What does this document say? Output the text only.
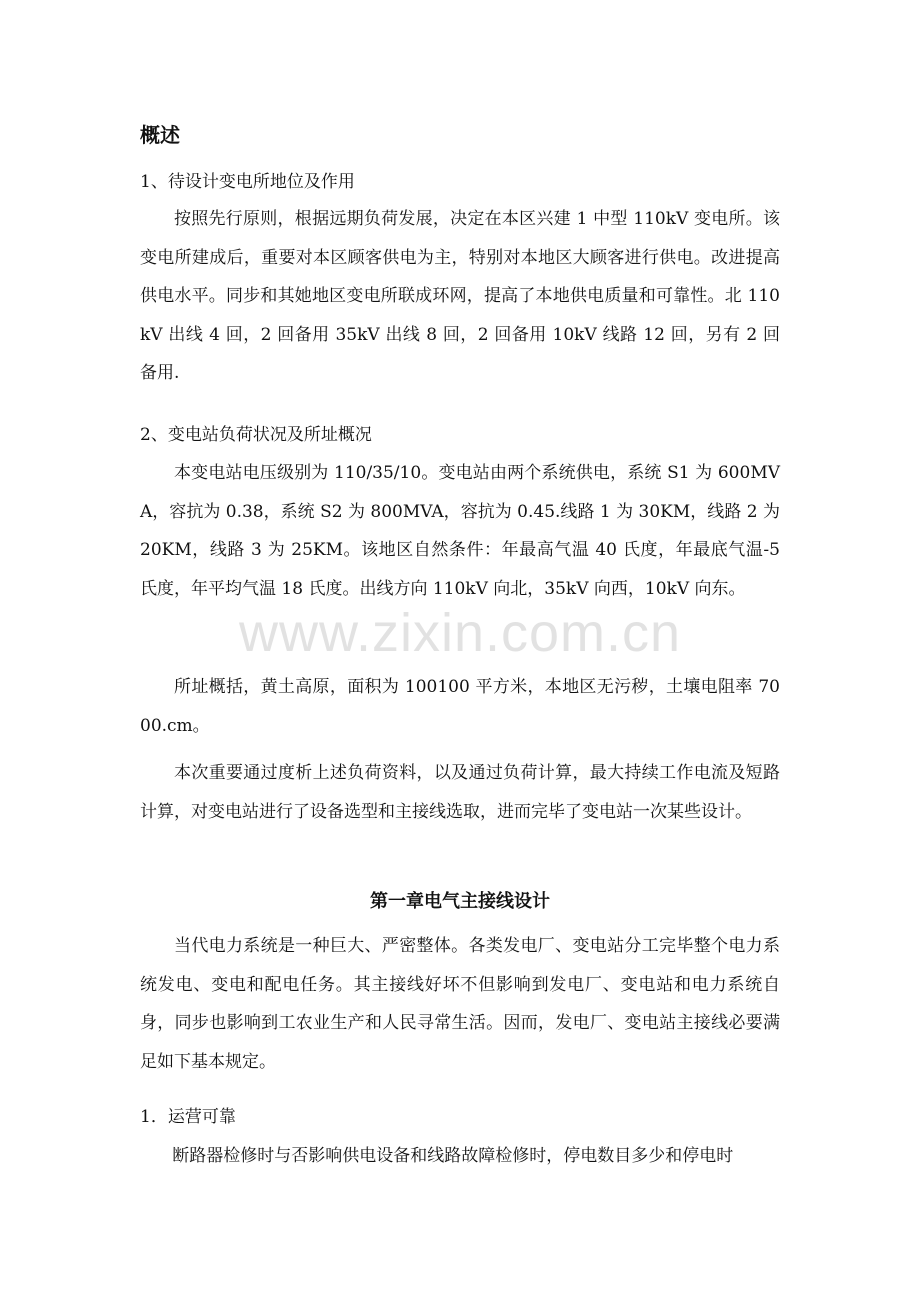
www.zixin.com.cn
概述

1、待设计变电所地位及作用

按照先行原则，根据远期负荷发展，决定在本区兴建 1 中型 110kV 变电所。该变电所建成后，重要对本区顾客供电为主，特别对本地区大顾客进行供电。改进提高供电水平。同步和其她地区变电所联成环网，提高了本地供电质量和可靠性。北 110kV 出线 4 回，2 回备用 35kV 出线 8 回，2 回备用 10kV 线路 12 回，另有 2 回备用.

2、变电站负荷状况及所址概况

本变电站电压级别为 110/35/10。变电站由两个系统供电，系统 S1 为 600MVA，容抗为 0.38，系统 S2 为 800MVA，容抗为 0.45.线路 1 为 30KM，线路 2 为 20KM，线路 3 为 25KM。该地区自然条件：年最高气温 40 氏度，年最底气温-5 氏度，年平均气温 18 氏度。出线方向 110kV 向北，35kV 向西，10kV 向东。

所址概括，黄土高原，面积为 100100 平方米，本地区无污秽，土壤电阻率 7000.cm。

本次重要通过度析上述负荷资料，以及通过负荷计算，最大持续工作电流及短路计算，对变电站进行了设备选型和主接线选取，进而完毕了变电站一次某些设计。

第一章电气主接线设计

当代电力系统是一种巨大、严密整体。各类发电厂、变电站分工完毕整个电力系统发电、变电和配电任务。其主接线好坏不但影响到发电厂、变电站和电力系统自身，同步也影响到工农业生产和人民寻常生活。因而，发电厂、变电站主接线必要满足如下基本规定。

1．运营可靠

断路器检修时与否影响供电设备和线路故障检修时，停电数目多少和停电时
